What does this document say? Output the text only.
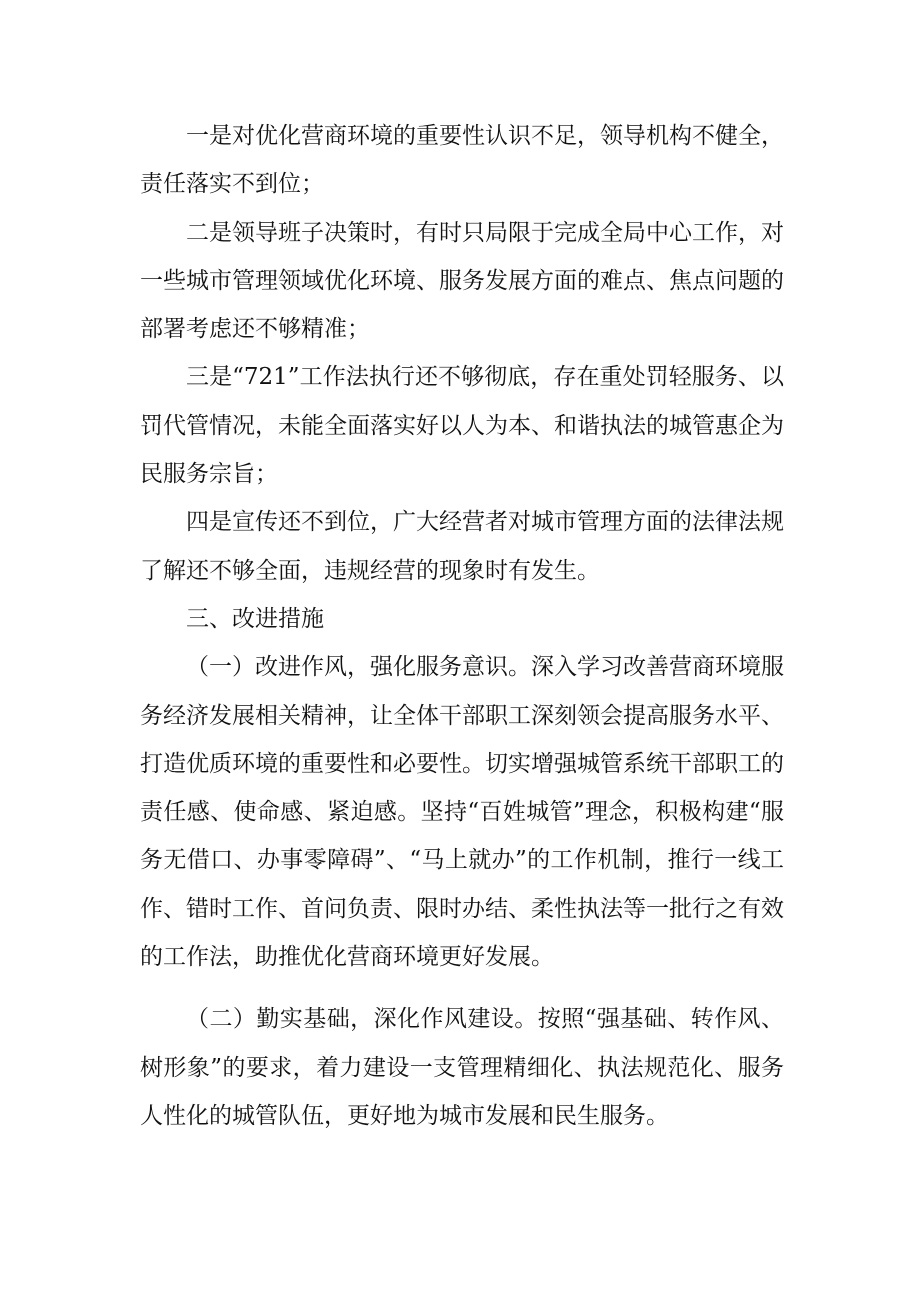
一是对优化营商环境的重要性认识不足，领导机构不健全，责任落实不到位；

二是领导班子决策时，有时只局限于完成全局中心工作，对一些城市管理领域优化环境、服务发展方面的难点、焦点问题的部署考虑还不够精准；

三是“721”工作法执行还不够彻底，存在重处罚轻服务、以罚代管情况，未能全面落实好以人为本、和谐执法的城管惠企为民服务宗旨；

四是宣传还不到位，广大经营者对城市管理方面的法律法规了解还不够全面，违规经营的现象时有发生。

三、改进措施

（一）改进作风，强化服务意识。深入学习改善营商环境服务经济发展相关精神，让全体干部职工深刻领会提高服务水平、打造优质环境的重要性和必要性。切实增强城管系统干部职工的责任感、使命感、紧迫感。坚持“百姓城管”理念，积极构建“服务无借口、办事零障碍”、“马上就办”的工作机制，推行一线工作、错时工作、首问负责、限时办结、柔性执法等一批行之有效的工作法，助推优化营商环境更好发展。

（二）勤实基础，深化作风建设。按照“强基础、转作风、树形象”的要求，着力建设一支管理精细化、执法规范化、服务人性化的城管队伍，更好地为城市发展和民生服务。
